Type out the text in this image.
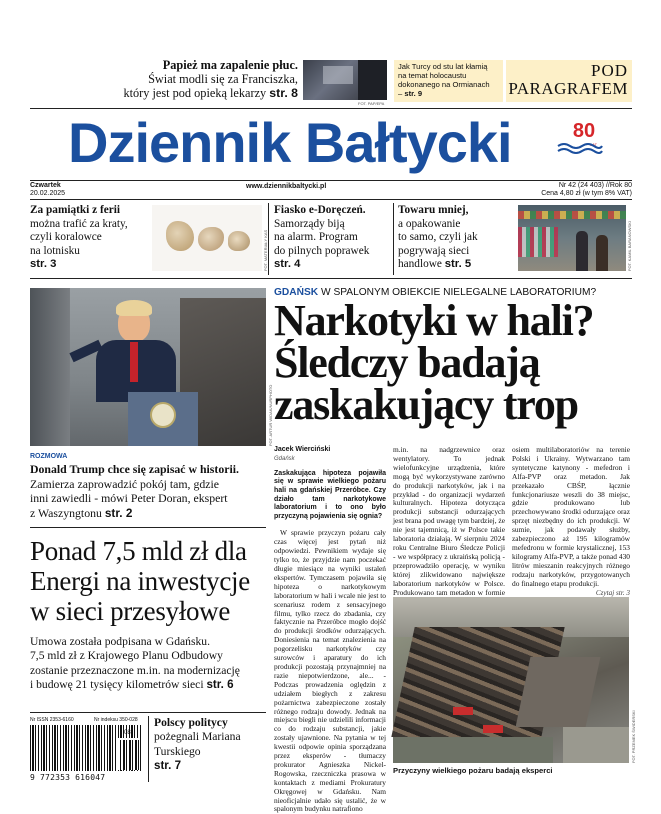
Papież ma zapalenie płuc.
Świat modli się za Franciszka,
który jest pod opieką lekarzy str. 8
FOT. PAP/EPA
Jak Turcy od stu lat kłamią
na temat holocaustu
dokonanego na Ormianach
– str. 9
POD
PARAGRAFEM
Dziennik Bałtycki	80
LAT
Czwartek
20.02.2025
www.dziennikbaltycki.pl	Nr 42 (24 403) //Rok 80
Cena 4,80 zł (w tym 8% VAT)
Za pamiątki z ferii
można trafić za kraty,
czyli koralowce
na lotnisku
str. 3	FOT. MATERIAŁY KAS
Fiasko e-Doręczeń.
Samorządy biją
na alarm. Program
do pilnych poprawek
str. 4
Towaru mniej,
a opakowanie
to samo, czyli jak
pogrywają sieci
handlowe str. 5	FOT. KAMIL BARANOWSKI
FOT. ARTUR WIDAK/NURPHOTO
ROZMOWA
Donald Trump chce się zapisać w historii.
Zamierza zaprowadzić pokój tam, gdzie
inni zawiedli - mówi Peter Doran, ekspert
z Waszyngtonu str. 2
Ponad 7,5 mld zł dla
Energi na inwestycje
w sieci przesyłowe
Umowa została podpisana w Gdańsku.
7,5 mld zł z Krajowego Planu Odbudowy
zostanie przeznaczone m.in. na modernizację
i budowę 21 tysięcy kilometrów sieci str. 6
Nr ISSN 2353-6160	Nr indeksu 350-028
08
9 772353 616047
Polscy politycy
pożegnali Mariana
Turskiego
str. 7
GDAŃSK W SPALONYM OBIEKCIE NIELEGALNE LABORATORIUM?
Narkotyki w hali?
Śledczy badają
zaskakujący trop
Jacek Wierciński
Gdańsk

Zaskakująca hipoteza pojawiła się w sprawie wielkiego pożaru hali na gdańskiej Przeróbce. Czy działo tam narkotykowe laboratorium i to ono było przyczyną pojawienia się ognia?

W sprawie przyczyn pożaru cały czas więcej jest pytań niż odpowiedzi. Pewnikiem wydaje się tylko to, że przyjdzie nam poczekać długie miesiące na wyniki ustaleń ekspertów. Tymczasem pojawiła się hipoteza o narkotykowym laboratorium w hali i wcale nie jest to scenariusz rodem z sensacyjnego filmu, tylko rzecz do zbadania, czy faktycznie na Przeróbce mogło dojść do produkcji środków odurzających. Doniesienia na temat znalezienia na pogorzelisku narkotyków czy surowców i aparatury do ich produkcji pozostają przynajmniej na razie niepotwierdzone, ale... - Podczas prowadzenia oględzin z udziałem biegłych z zakresu pożarnictwa zabezpieczone zostały różnego rodzaju dowody. Jednak na miejscu biegli nie udzielili informacji co do rodzaju substancji, jakie zostały ujawnione. Na pytania w tej kwestii odpowie opinia sporządzana przez eksperów - tłumaczy prokurator Agnieszka Nickel-Rogowska, rzeczniczka prasowa w kontaktach z mediami Prokuratury Okręgowej w Gdańsku. Nam nieoficjalnie udało się ustalić, że w spalonym budynku natrafiono

m.in. na nadgrzewnice oraz wentylatory. To jednak wielofunkcyjne urządzenia, które mogą być wykorzystywane zarówno do produkcji narkotyków, jak i na przykład - do organizacji wydarzeń kulturalnych. Hipoteza dotycząca produkcji substancji odurzających jest brana pod uwagę tym bardziej, że nie jest tajemnicą, iż w Polsce takie laboratoria działają. W sierpniu 2024 roku Centralne Biuro Śledcze Policji - we współpracy z ukraińską policją - przeprowadziło operację, w wyniku której zlikwidowano największe laboratorium narkotyków w Polsce. Produkowano tam metadon w formie

osiem multilaboratoriów na terenie Polski i Ukrainy. Wytwarzano tam syntetyczne katynony - mefedron i Alfa-PVP oraz metadon. Jak przekazało CBŚP, łącznie funkcjonariusze weszli do 38 miejsc, gdzie produkowano lub przechowywano środki odurzające oraz sprzęt niezbędny do ich produkcji. W sumie, jak podawały służby, zabezpieczono aż 195 kilogramów mefedronu w formie krystalicznej, 153 kilogramy Alfa-PVP, a także ponad 430 litrów mieszanin reakcyjnych różnego rodzaju narkotyków, przygotowanych do finalnego etapu produkcji.

Czytaj str. 3
FOT. PRZEMEK ŚWIDERSKI
Przyczyny wielkiego pożaru badają eksperci
